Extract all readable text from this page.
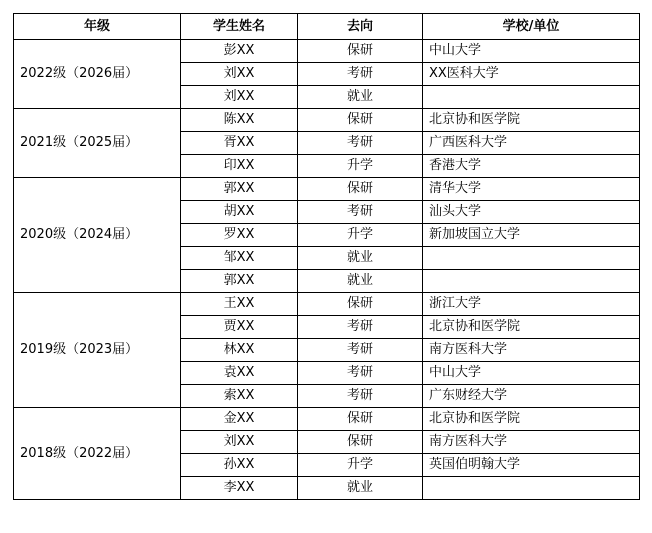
年级	学生姓名	去向	学校/单位
2022级（2026届）	彭XX	保研	中山大学
	刘XX	考研	XX医科大学
	刘XX	就业	
2021级（2025届）	陈XX	保研	北京协和医学院
	胥XX	考研	广西医科大学
	印XX	升学	香港大学
2020级（2024届）	郭XX	保研	清华大学
	胡XX	考研	汕头大学
	罗XX	升学	新加坡国立大学
	邹XX	就业	
	郭XX	就业	
2019级（2023届）	王XX	保研	浙江大学
	贾XX	考研	北京协和医学院
	林XX	考研	南方医科大学
	袁XX	考研	中山大学
	索XX	考研	广东财经大学
2018级（2022届）	金XX	保研	北京协和医学院
	刘XX	保研	南方医科大学
	孙XX	升学	英国伯明翰大学
	李XX	就业	
